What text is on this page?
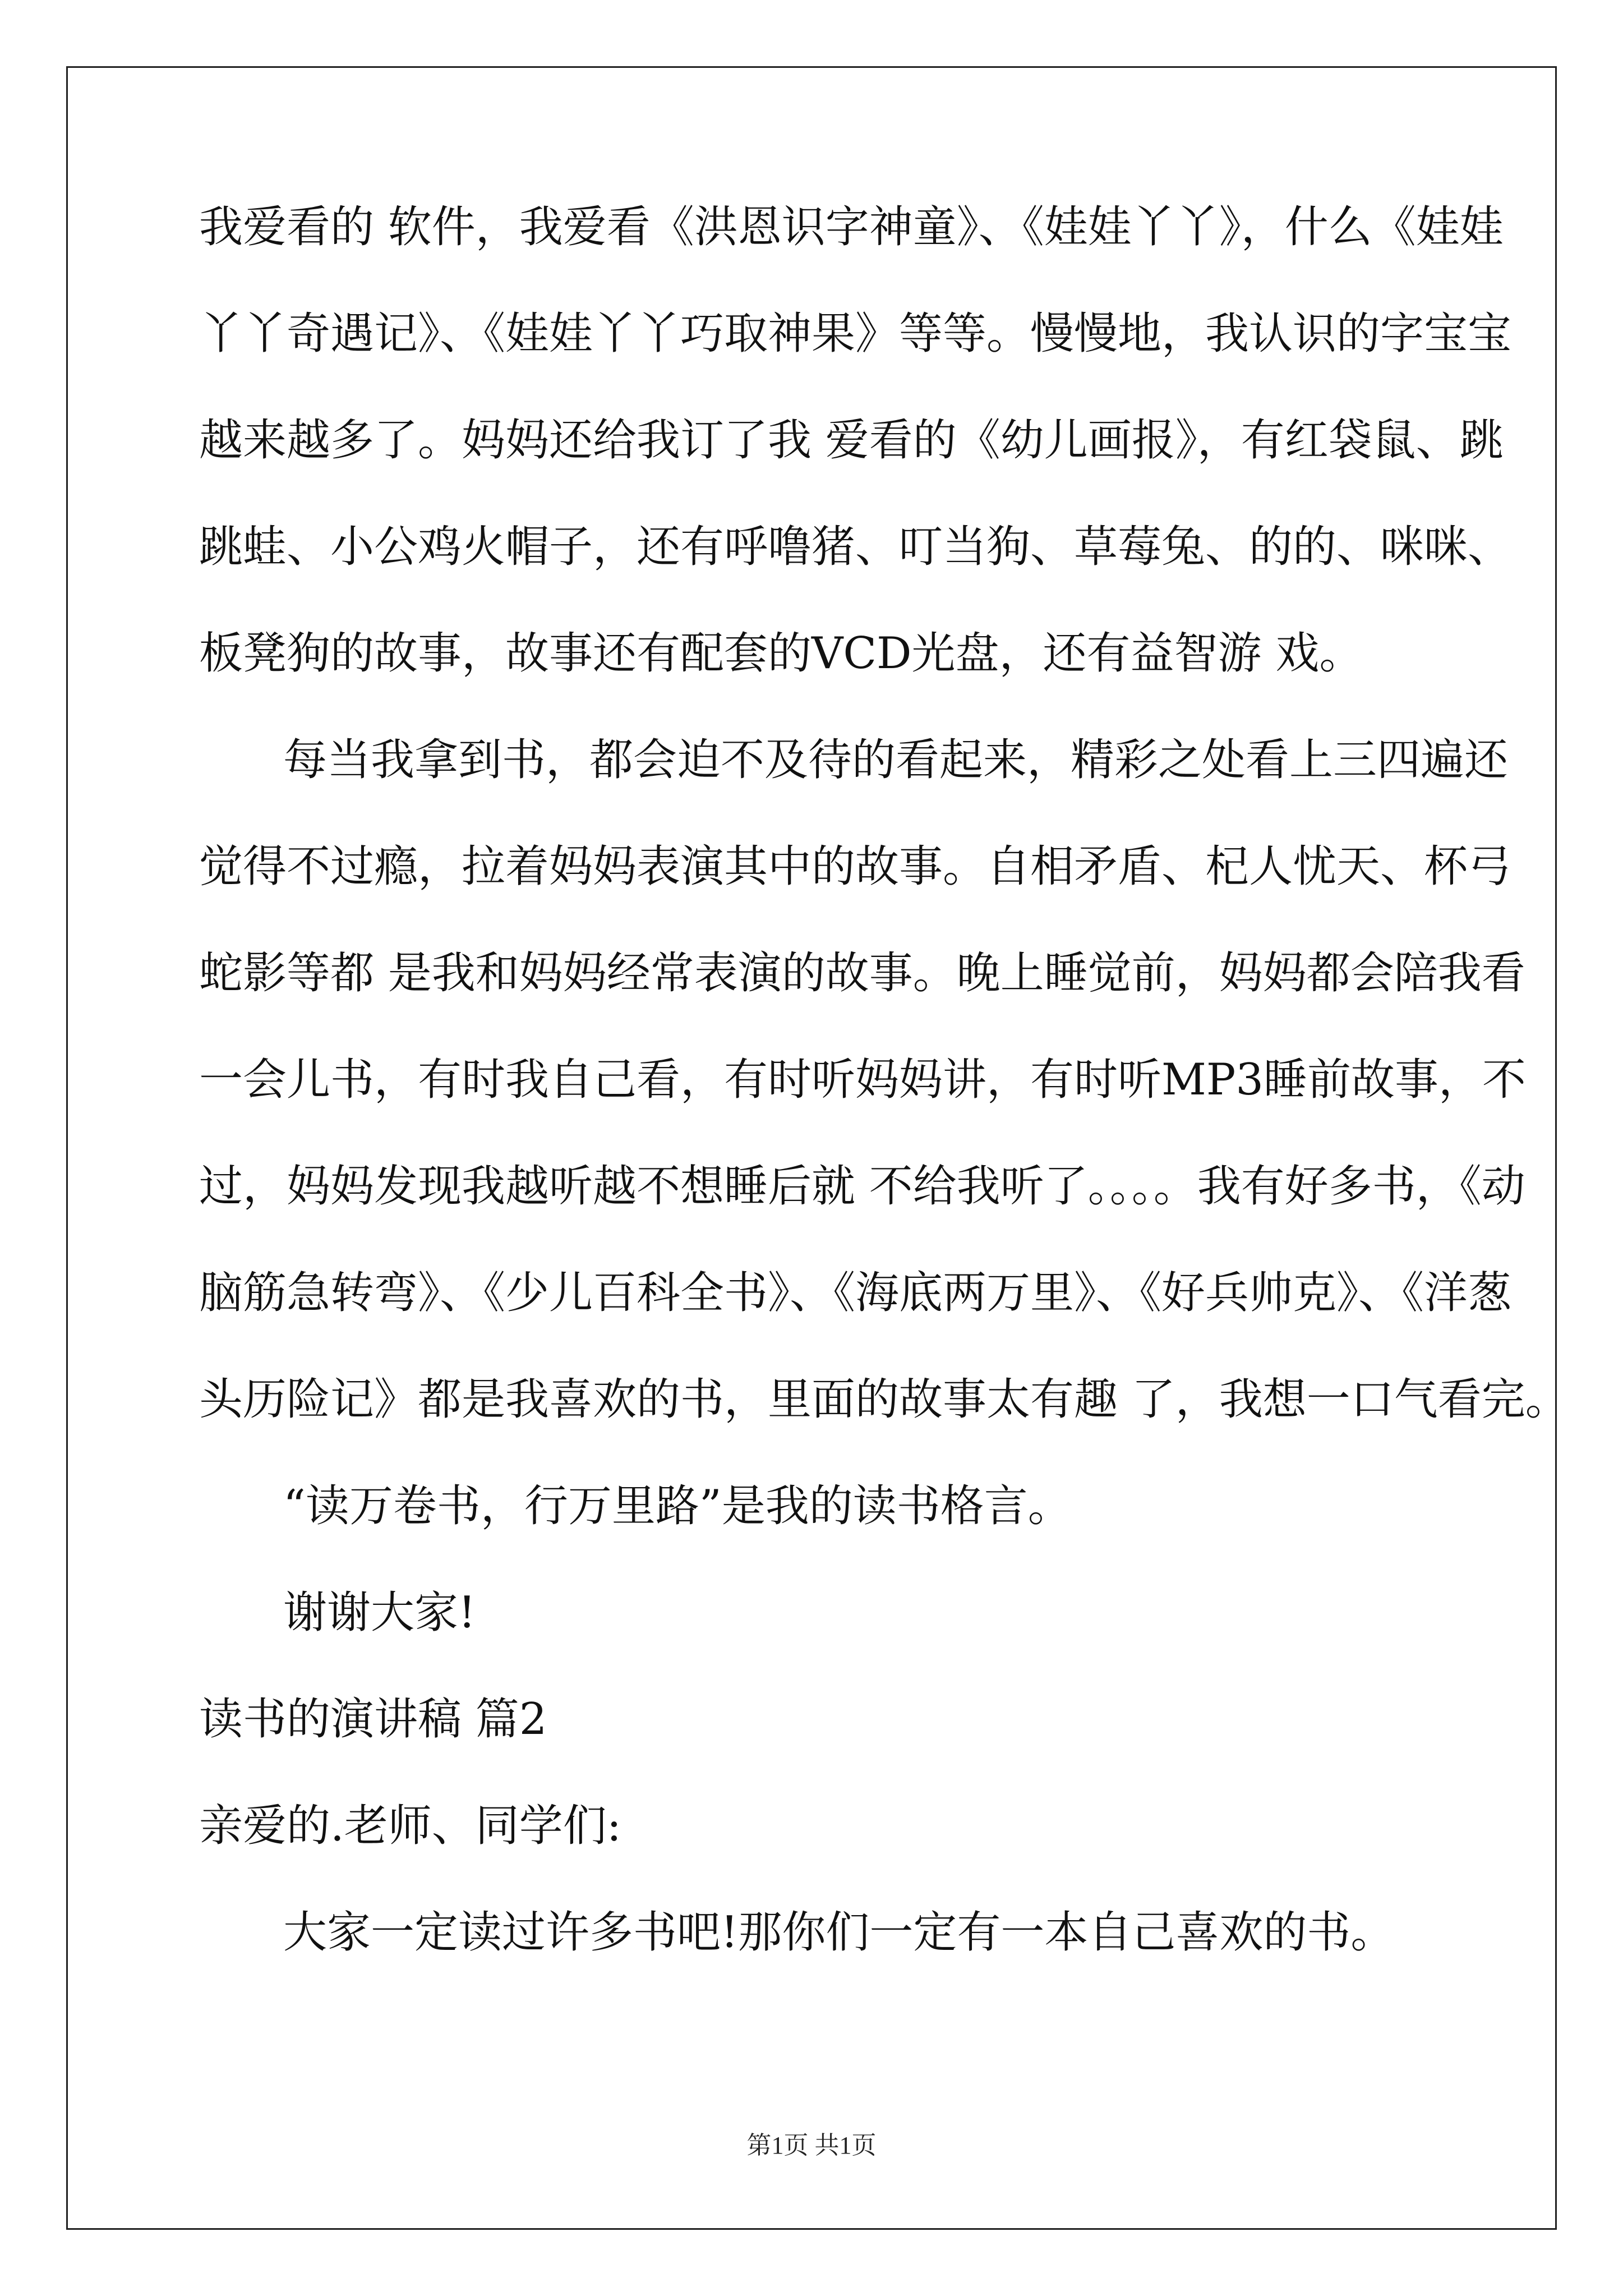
我爱看的 软件，我爱看《洪恩识字神童》、《娃娃丫丫》，什么《娃娃
丫丫奇遇记》、《娃娃丫丫巧取神果》等等。慢慢地，我认识的字宝宝
越来越多了。妈妈还给我订了我 爱看的《幼儿画报》，有红袋鼠、跳
跳蛙、小公鸡火帽子，还有呼噜猪、叮当狗、草莓兔、的的、咪咪、
板凳狗的故事，故事还有配套的VCD光盘，还有益智游 戏。
每当我拿到书，都会迫不及待的看起来，精彩之处看上三四遍还
觉得不过瘾，拉着妈妈表演其中的故事。自相矛盾、杞人忧天、杯弓
蛇影等都 是我和妈妈经常表演的故事。晚上睡觉前，妈妈都会陪我看
一会儿书，有时我自己看，有时听妈妈讲，有时听MP3睡前故事，不
过，妈妈发现我越听越不想睡后就 不给我听了。。。。我有好多书，《动
脑筋急转弯》、《少儿百科全书》、《海底两万里》、《好兵帅克》、《洋葱
头历险记》都是我喜欢的书，里面的故事太有趣 了，我想一口气看完。
“读万卷书，行万里路”是我的读书格言。
谢谢大家!
读书的演讲稿 篇2
亲爱的.老师、同学们:
大家一定读过许多书吧!那你们一定有一本自己喜欢的书。
第1页 共1页
